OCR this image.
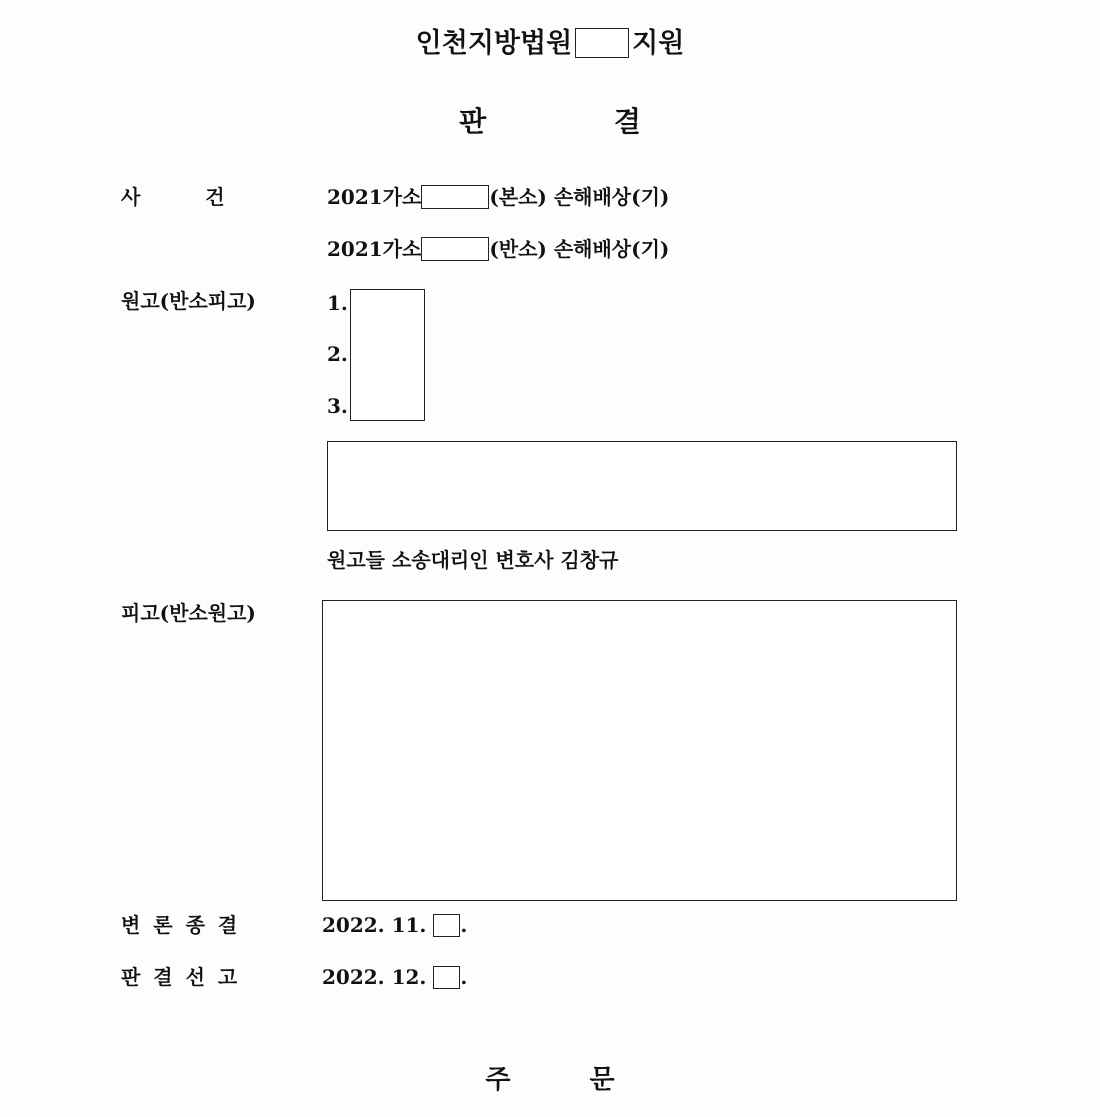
인천지방법원 지원
판 결
사 건	2021가소	(본소) 손해배상(기)
2021가소	(반소) 손해배상(기)
원고(반소피고)	1.
2.
3.
원고들 소송대리인 변호사 김창규
피고(반소원고)
변 론 종 결	2022. 11. .
판 결 선 고	2022. 12. .
주 문
